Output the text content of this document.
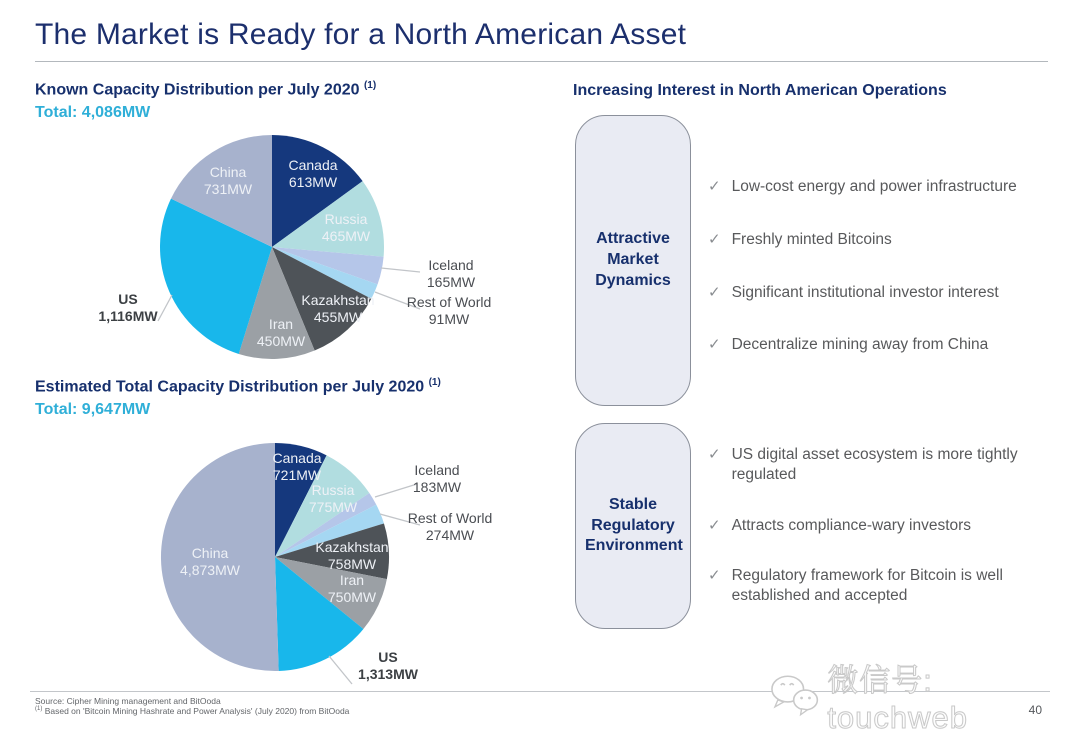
The Market is Ready for a North American Asset
Known Capacity Distribution per July 2020 $^{(1)}$
Total: 4,086MW
China
731MW
Canada
613MW
Russia
465MW
Kazakhstan
455MW
Iran
450MW
Iceland
165MW
Rest of World
91MW
US
1,116MW
Estimated Total Capacity Distribution per July 2020 $^{(1)}$
Total: 9,647MW
China
4,873MW
Canada
721MW
Russia
775MW
Kazakhstan
758MW
Iran
750MW
Iceland
183MW
Rest of World
274MW
US
1,313MW
Increasing Interest in North American Operations
Attractive Market Dynamics
✓ Low-cost energy and power infrastructure
✓ Freshly minted Bitcoins
✓ Significant institutional investor interest
✓ Decentralize mining away from China
Stable Regulatory Environment
✓ US digital asset ecosystem is more tightly regulated
✓ Attracts compliance-wary investors
✓ Regulatory framework for Bitcoin is well established and accepted
Source: Cipher Mining management and BitOoda
$^{(1)}$ Based on 'Bitcoin Mining Hashrate and Power Analysis' (July 2020) from BitOoda	40
微信号: touchweb
